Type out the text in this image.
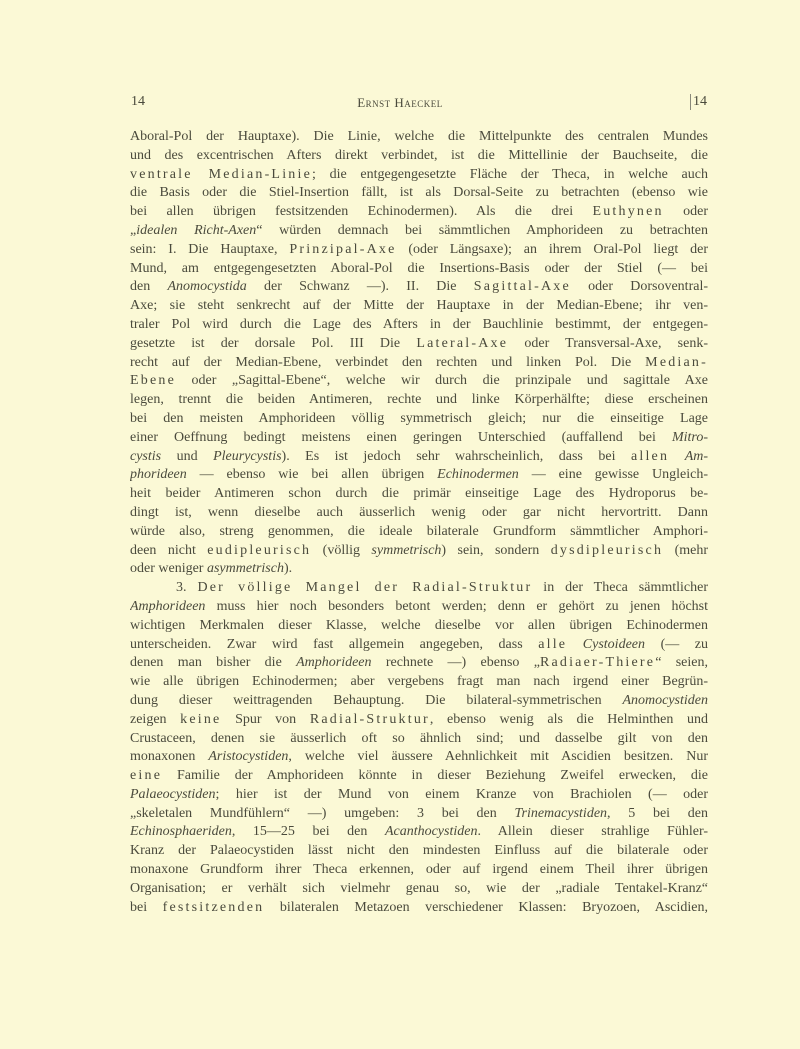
14	Ernst Haeckel	14
Aboral-Pol der Hauptaxe). Die Linie, welche die Mittelpunkte des centralen Mundes
und des excentrischen Afters direkt verbindet, ist die Mittellinie der Bauchseite, die
ventrale Median-Linie; die entgegengesetzte Fläche der Theca, in welche auch
die Basis oder die Stiel-Insertion fällt, ist als Dorsal-Seite zu betrachten (ebenso wie
bei allen übrigen festsitzenden Echinodermen). Als die drei Euthynen oder
„idealen Richt-Axen“ würden demnach bei sämmtlichen Amphorideen zu betrachten
sein: I. Die Hauptaxe, Prinzipal-Axe (oder Längsaxe); an ihrem Oral-Pol liegt der
Mund, am entgegengesetzten Aboral-Pol die Insertions-Basis oder der Stiel (— bei
den Anomocystida der Schwanz —). II. Die Sagittal-Axe oder Dorsoventral-
Axe; sie steht senkrecht auf der Mitte der Hauptaxe in der Median-Ebene; ihr ven-
traler Pol wird durch die Lage des Afters in der Bauchlinie bestimmt, der entgegen-
gesetzte ist der dorsale Pol. III Die Lateral-Axe oder Transversal-Axe, senk-
recht auf der Median-Ebene, verbindet den rechten und linken Pol. Die Median-
Ebene oder „Sagittal-Ebene“, welche wir durch die prinzipale und sagittale Axe
legen, trennt die beiden Antimeren, rechte und linke Körperhälfte; diese erscheinen
bei den meisten Amphorideen völlig symmetrisch gleich; nur die einseitige Lage
einer Oeffnung bedingt meistens einen geringen Unterschied (auffallend bei Mitro-
cystis und Pleurycystis). Es ist jedoch sehr wahrscheinlich, dass bei allen Am-
phorideen — ebenso wie bei allen übrigen Echinodermen — eine gewisse Ungleich-
heit beider Antimeren schon durch die primär einseitige Lage des Hydroporus be-
dingt ist, wenn dieselbe auch äusserlich wenig oder gar nicht hervortritt. Dann
würde also, streng genommen, die ideale bilaterale Grundform sämmtlicher Amphori-
deen nicht eudipleurisch (völlig symmetrisch) sein, sondern dysdipleurisch (mehr
oder weniger asymmetrisch).
3. Der völlige Mangel der Radial-Struktur in der Theca sämmtlicher
Amphorideen muss hier noch besonders betont werden; denn er gehört zu jenen höchst
wichtigen Merkmalen dieser Klasse, welche dieselbe vor allen übrigen Echinodermen
unterscheiden. Zwar wird fast allgemein angegeben, dass alle Cystoideen (— zu
denen man bisher die Amphorideen rechnete —) ebenso „Radiaer-Thiere“ seien,
wie alle übrigen Echinodermen; aber vergebens fragt man nach irgend einer Begrün-
dung dieser weittragenden Behauptung. Die bilateral-symmetrischen Anomocystiden
zeigen keine Spur von Radial-Struktur, ebenso wenig als die Helminthen und
Crustaceen, denen sie äusserlich oft so ähnlich sind; und dasselbe gilt von den
monaxonen Aristocystiden, welche viel äussere Aehnlichkeit mit Ascidien besitzen. Nur
eine Familie der Amphorideen könnte in dieser Beziehung Zweifel erwecken, die
Palaeocystiden; hier ist der Mund von einem Kranze von Brachiolen (— oder
„skeletalen Mundfühlern“ —) umgeben: 3 bei den Trinemacystiden, 5 bei den
Echinosphaeriden, 15—25 bei den Acanthocystiden. Allein dieser strahlige Fühler-
Kranz der Palaeocystiden lässt nicht den mindesten Einfluss auf die bilaterale oder
monaxone Grundform ihrer Theca erkennen, oder auf irgend einem Theil ihrer übrigen
Organisation; er verhält sich vielmehr genau so, wie der „radiale Tentakel-Kranz“
bei festsitzenden bilateralen Metazoen verschiedener Klassen: Bryozoen, Ascidien,
